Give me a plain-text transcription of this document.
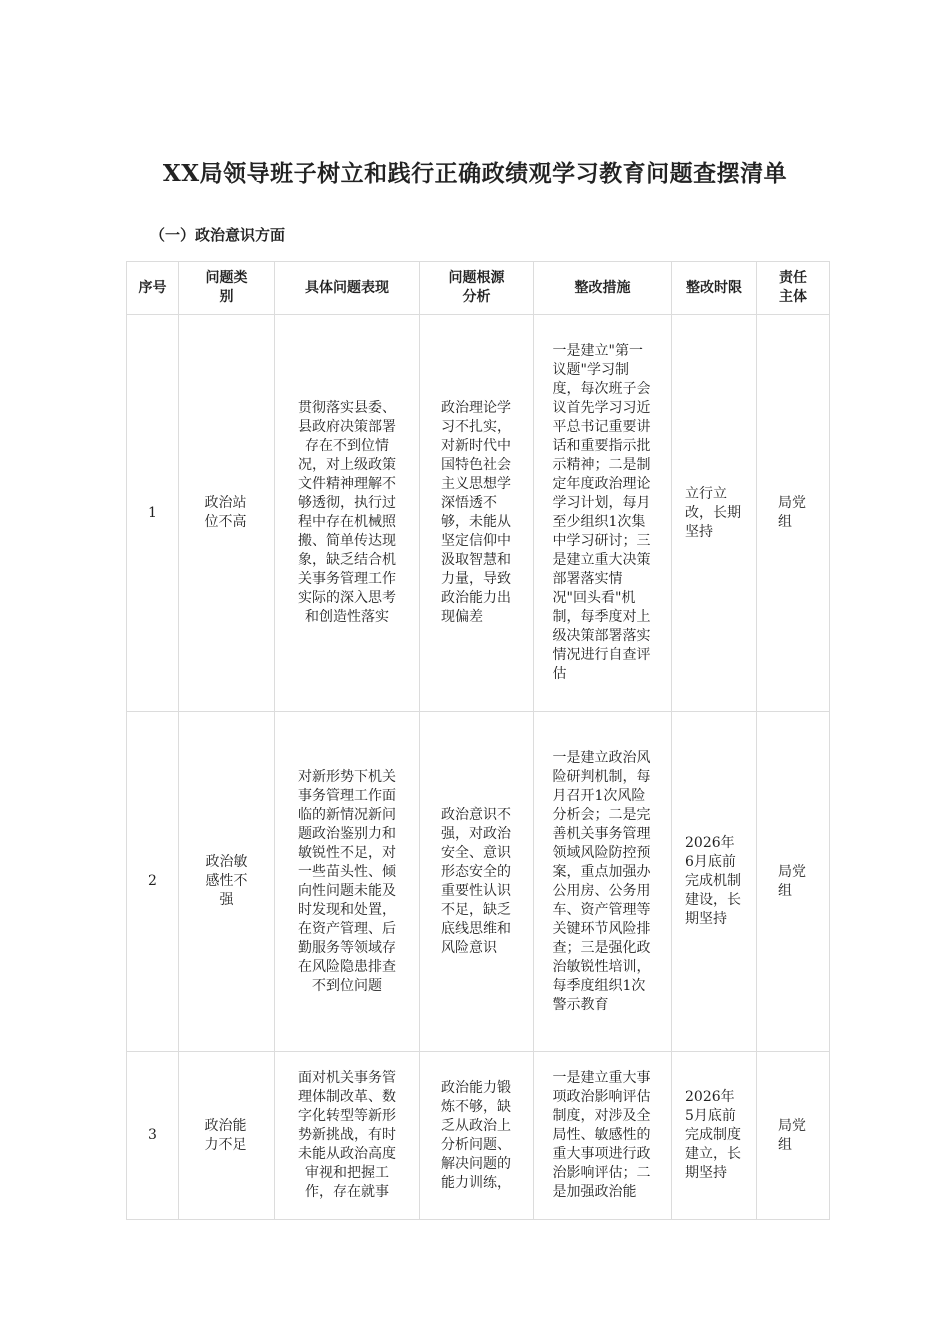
XX局领导班子树立和践行正确政绩观学习教育问题查摆清单
（一）政治意识方面
序号	问题类别	具体问题表现	问题根源分析	整改措施	整改时限	责任主体

1	政治站位不高	贯彻落实县委、县政府决策部署存在不到位情况，对上级政策文件精神理解不够透彻，执行过程中存在机械照搬、简单传达现象，缺乏结合机关事务管理工作实际的深入思考和创造性落实	政治理论学习不扎实，对新时代中国特色社会主义思想学深悟透不够，未能从坚定信仰中汲取智慧和力量，导致政治能力出现偏差	一是建立"第一议题"学习制度，每次班子会议首先学习习近平总书记重要讲话和重要指示批示精神；二是制定年度政治理论学习计划，每月至少组织1次集中学习研讨；三是建立重大决策部署落实情况"回头看"机制，每季度对上级决策部署落实情况进行自查评估	立行立改，长期坚持	局党组

2	政治敏感性不强	对新形势下机关事务管理工作面临的新情况新问题政治鉴别力和敏锐性不足，对一些苗头性、倾向性问题未能及时发现和处置，在资产管理、后勤服务等领域存在风险隐患排查不到位问题	政治意识不强，对政治安全、意识形态安全的重要性认识不足，缺乏底线思维和风险意识	一是建立政治风险研判机制，每月召开1次风险分析会；二是完善机关事务管理领域风险防控预案，重点加强办公用房、公务用车、资产管理等关键环节风险排查；三是强化政治敏锐性培训，每季度组织1次警示教育	2026年6月底前完成机制建设，长期坚持	局党组

3	政治能力不足	面对机关事务管理体制改革、数字化转型等新形势新挑战，有时未能从政治高度审视和把握工作，存在就事	政治能力锻炼不够，缺乏从政治上分析问题、解决问题的能力训练，	一是建立重大事项政治影响评估制度，对涉及全局性、敏感性的重大事项进行政治影响评估；二是加强政治能	2026年5月底前完成制度建立，长期坚持	局党组
